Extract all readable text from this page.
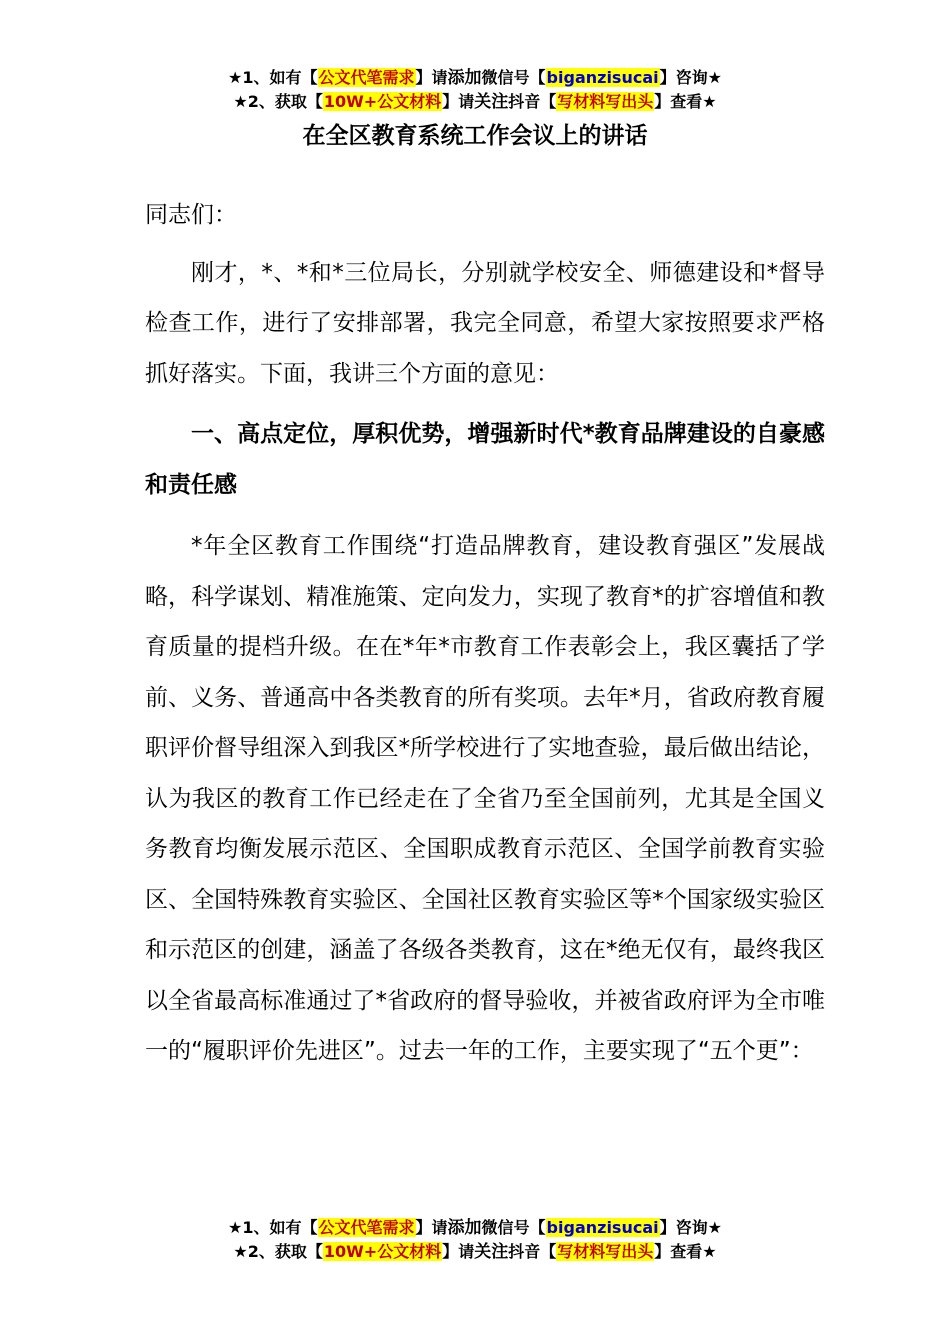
★1、如有【公文代笔需求】请添加微信号【biganzisucai】咨询★
★2、获取【10W+公文材料】请关注抖音【写材料写出头】查看★
在全区教育系统工作会议上的讲话

同志们：

刚才，*、*和*三位局长，分别就学校安全、师德建设和*督导检查工作，进行了安排部署，我完全同意，希望大家按照要求严格抓好落实。下面，我讲三个方面的意见：

一、高点定位，厚积优势，增强新时代*教育品牌建设的自豪感和责任感

*年全区教育工作围绕“打造品牌教育，建设教育强区”发展战略，科学谋划、精准施策、定向发力，实现了教育*的扩容增值和教育质量的提档升级。在在*年*市教育工作表彰会上，我区囊括了学前、义务、普通高中各类教育的所有奖项。去年*月，省政府教育履职评价督导组深入到我区*所学校进行了实地查验，最后做出结论，认为我区的教育工作已经走在了全省乃至全国前列，尤其是全国义务教育均衡发展示范区、全国职成教育示范区、全国学前教育实验区、全国特殊教育实验区、全国社区教育实验区等*个国家级实验区和示范区的创建，涵盖了各级各类教育，这在*绝无仅有，最终我区以全省最高标准通过了*省政府的督导验收，并被省政府评为全市唯一的“履职评价先进区”。过去一年的工作，主要实现了“五个更”：

★1、如有【公文代笔需求】请添加微信号【biganzisucai】咨询★
★2、获取【10W+公文材料】请关注抖音【写材料写出头】查看★
